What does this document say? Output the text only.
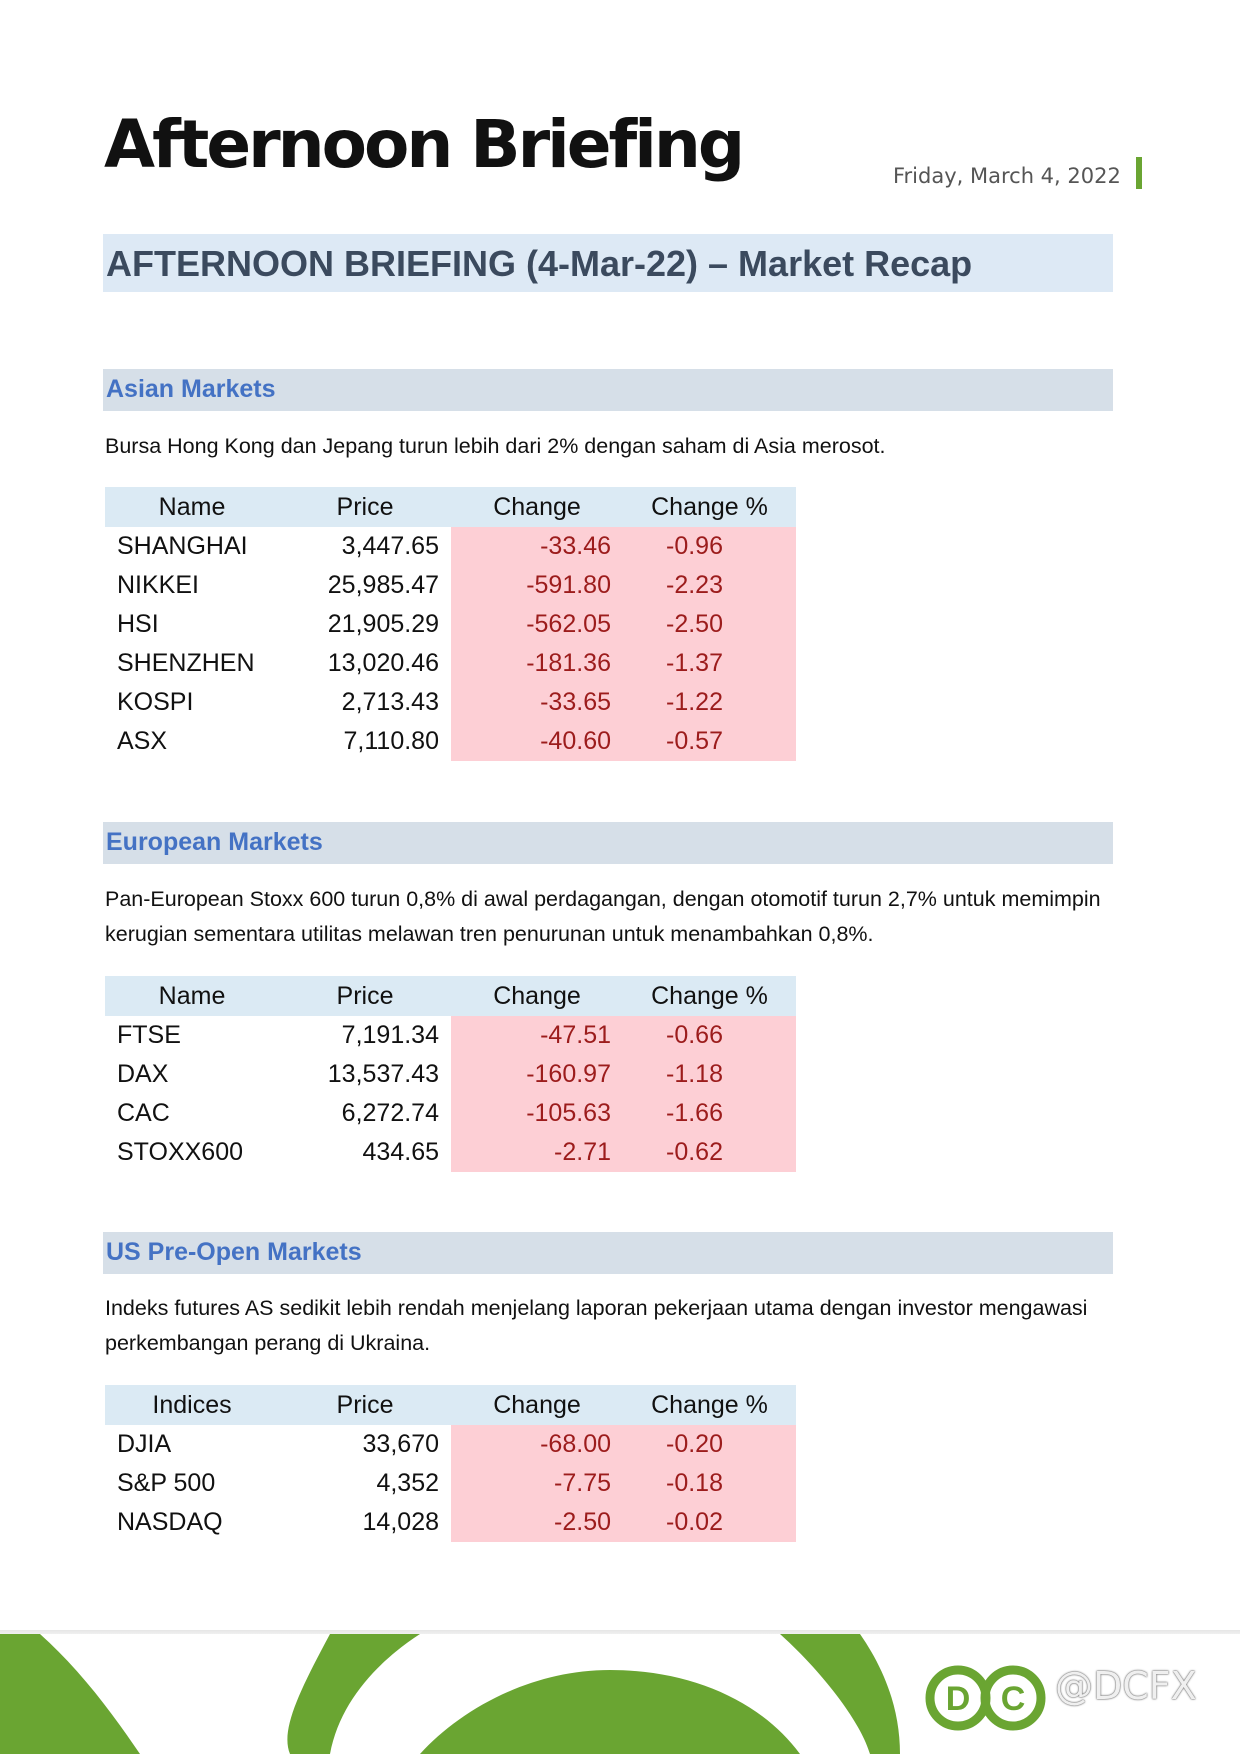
Afternoon Briefing	Friday, March 4, 2022
AFTERNOON BRIEFING (4-Mar-22) – Market Recap
Asian Markets
Bursa Hong Kong dan Jepang turun lebih dari 2% dengan saham di Asia merosot.
Name	Price	Change	Change %
SHANGHAI	3,447.65	-33.46	-0.96
NIKKEI	25,985.47	-591.80	-2.23
HSI	21,905.29	-562.05	-2.50
SHENZHEN	13,020.46	-181.36	-1.37
KOSPI	2,713.43	-33.65	-1.22
ASX	7,110.80	-40.60	-0.57
European Markets
Pan-European Stoxx 600 turun 0,8% di awal perdagangan, dengan otomotif turun 2,7% untuk memimpin kerugian sementara utilitas melawan tren penurunan untuk menambahkan 0,8%.
Name	Price	Change	Change %
FTSE	7,191.34	-47.51	-0.66
DAX	13,537.43	-160.97	-1.18
CAC	6,272.74	-105.63	-1.66
STOXX600	434.65	-2.71	-0.62
US Pre-Open Markets
Indeks futures AS sedikit lebih rendah menjelang laporan pekerjaan utama dengan investor mengawasi perkembangan perang di Ukraina.
Indices	Price	Change	Change %
DJIA	33,670	-68.00	-0.20
S&P 500	4,352	-7.75	-0.18
NASDAQ	14,028	-2.50	-0.02
D C @DCFX
